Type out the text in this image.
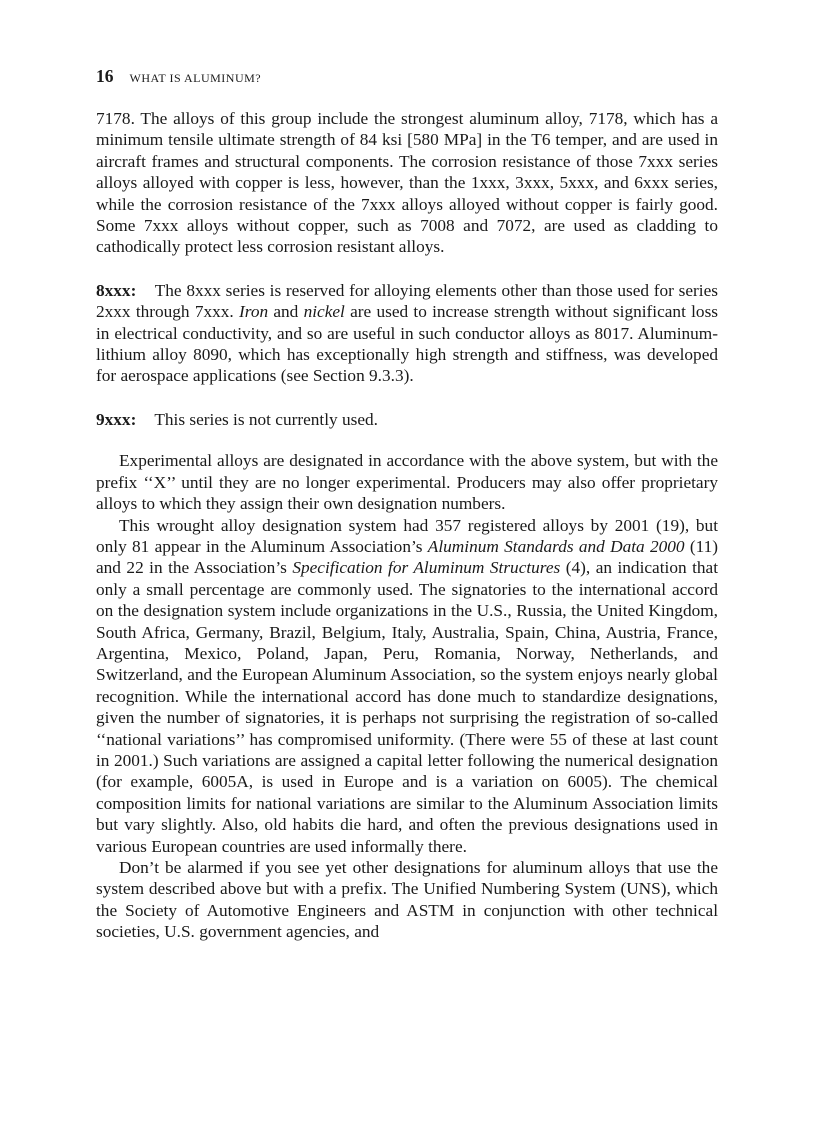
16 WHAT IS ALUMINUM?

7178. The alloys of this group include the strongest aluminum alloy, 7178, which has a minimum tensile ultimate strength of 84 ksi [580 MPa] in the T6 temper, and are used in aircraft frames and structural components. The corrosion resistance of those 7xxx series alloys alloyed with copper is less, however, than the 1xxx, 3xxx, 5xxx, and 6xxx series, while the corrosion resistance of the 7xxx alloys alloyed without copper is fairly good. Some 7xxx alloys without copper, such as 7008 and 7072, are used as cladding to cathodically protect less corrosion resistant alloys.

8xxx: The 8xxx series is reserved for alloying elements other than those used for series 2xxx through 7xxx. Iron and nickel are used to increase strength without significant loss in electrical conductivity, and so are useful in such conductor alloys as 8017. Aluminum-lithium alloy 8090, which has exceptionally high strength and stiffness, was developed for aerospace applications (see Section 9.3.3).

9xxx: This series is not currently used.

Experimental alloys are designated in accordance with the above system, but with the prefix ‘‘X’’ until they are no longer experimental. Producers may also offer proprietary alloys to which they assign their own designation numbers.

This wrought alloy designation system had 357 registered alloys by 2001 (19), but only 81 appear in the Aluminum Association’s Aluminum Standards and Data 2000 (11) and 22 in the Association’s Specification for Aluminum Structures (4), an indication that only a small percentage are commonly used. The signatories to the international accord on the designation system include organizations in the U.S., Russia, the United Kingdom, South Africa, Germany, Brazil, Belgium, Italy, Australia, Spain, China, Austria, France, Argentina, Mexico, Poland, Japan, Peru, Romania, Norway, Netherlands, and Switzerland, and the European Aluminum Association, so the system enjoys nearly global recognition. While the international accord has done much to standardize designations, given the number of signatories, it is perhaps not surprising the registration of so-called ‘‘national variations’’ has compromised uniformity. (There were 55 of these at last count in 2001.) Such variations are assigned a capital letter following the numerical designation (for example, 6005A, is used in Europe and is a variation on 6005). The chemical composition limits for national variations are similar to the Aluminum Association limits but vary slightly. Also, old habits die hard, and often the previous designations used in various European countries are used informally there.

Don’t be alarmed if you see yet other designations for aluminum alloys that use the system described above but with a prefix. The Unified Numbering System (UNS), which the Society of Automotive Engineers and ASTM in conjunction with other technical societies, U.S. government agencies, and
